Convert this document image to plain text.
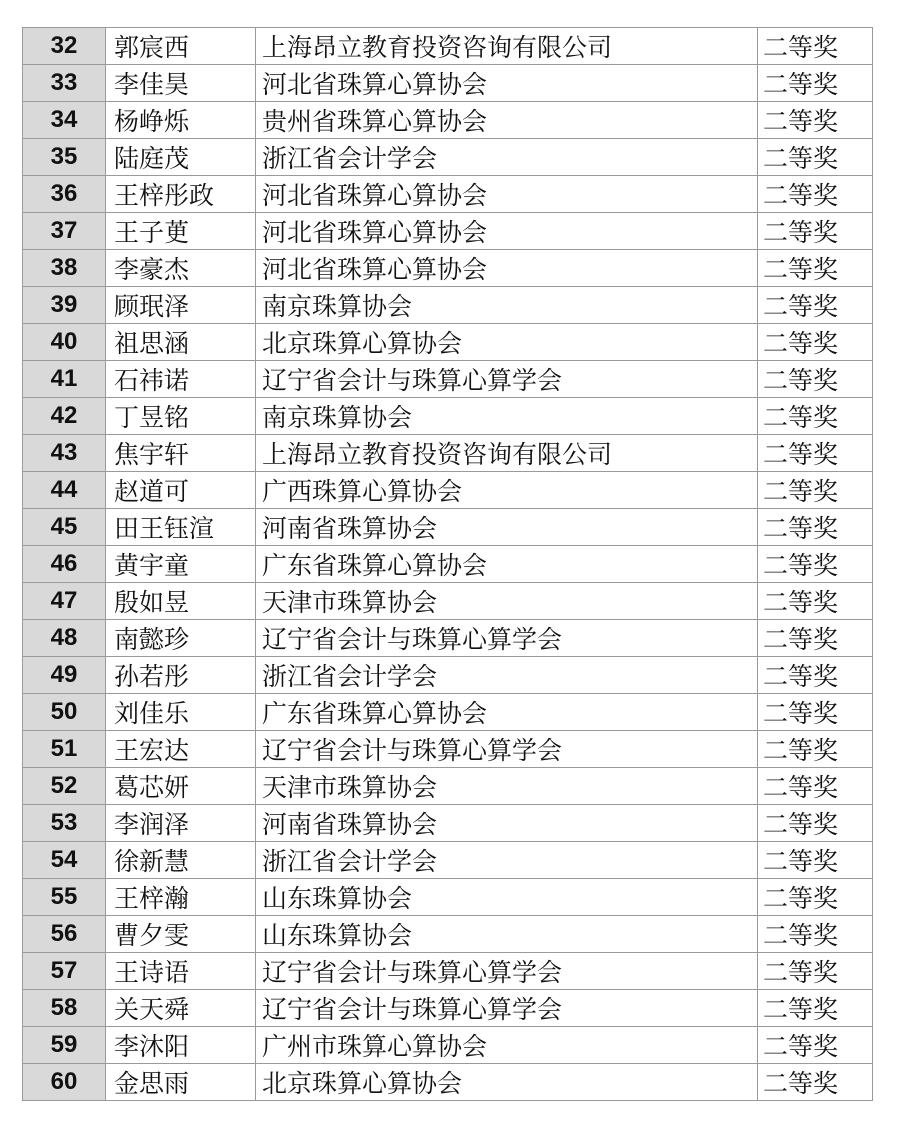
32	郭宸西	上海昂立教育投资咨询有限公司	二等奖
33	李佳昊	河北省珠算心算协会	二等奖
34	杨峥烁	贵州省珠算心算协会	二等奖
35	陆庭茂	浙江省会计学会	二等奖
36	王梓彤政	河北省珠算心算协会	二等奖
37	王子茰	河北省珠算心算协会	二等奖
38	李豪杰	河北省珠算心算协会	二等奖
39	顾珉泽	南京珠算协会	二等奖
40	祖思涵	北京珠算心算协会	二等奖
41	石祎诺	辽宁省会计与珠算心算学会	二等奖
42	丁昱铭	南京珠算协会	二等奖
43	焦宇轩	上海昂立教育投资咨询有限公司	二等奖
44	赵道可	广西珠算心算协会	二等奖
45	田王钰渲	河南省珠算协会	二等奖
46	黄宇童	广东省珠算心算协会	二等奖
47	殷如昱	天津市珠算协会	二等奖
48	南懿珍	辽宁省会计与珠算心算学会	二等奖
49	孙若彤	浙江省会计学会	二等奖
50	刘佳乐	广东省珠算心算协会	二等奖
51	王宏达	辽宁省会计与珠算心算学会	二等奖
52	葛芯妍	天津市珠算协会	二等奖
53	李润泽	河南省珠算协会	二等奖
54	徐新慧	浙江省会计学会	二等奖
55	王梓瀚	山东珠算协会	二等奖
56	曹夕雯	山东珠算协会	二等奖
57	王诗语	辽宁省会计与珠算心算学会	二等奖
58	关天舜	辽宁省会计与珠算心算学会	二等奖
59	李沐阳	广州市珠算心算协会	二等奖
60	金思雨	北京珠算心算协会	二等奖
